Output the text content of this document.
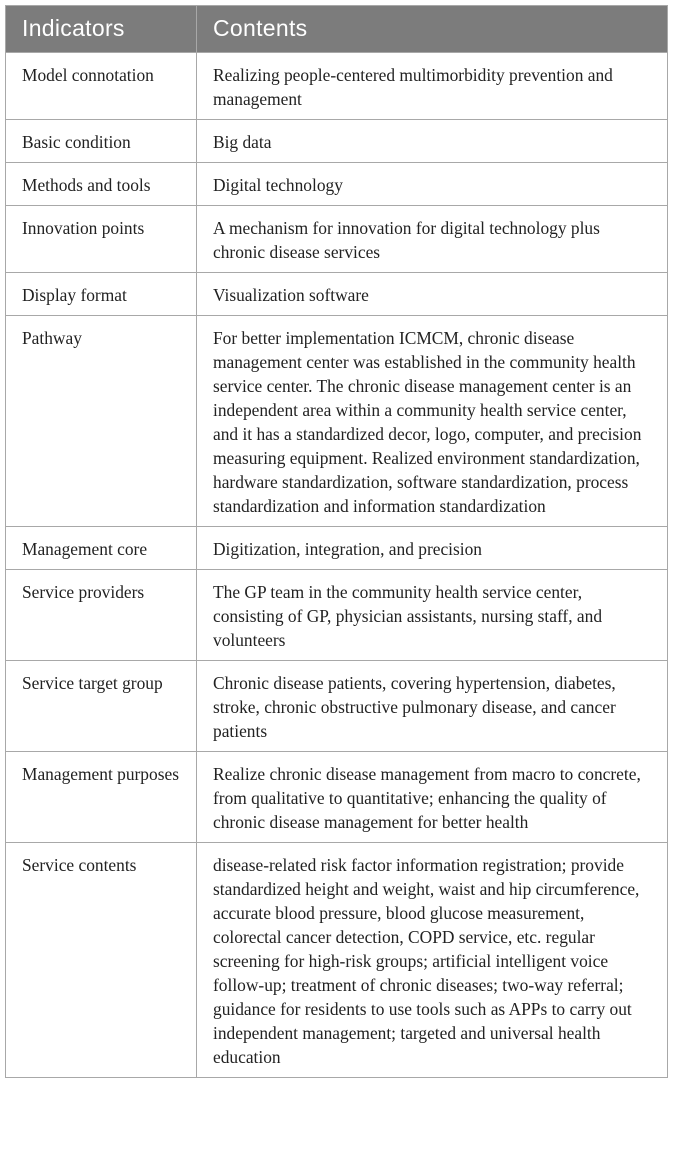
Indicators	Contents
Model connotation	Realizing people-centered multimorbidity prevention and management
Basic condition	Big data
Methods and tools	Digital technology
Innovation points	A mechanism for innovation for digital technology plus chronic disease services
Display format	Visualization software
Pathway	For better implementation ICMCM, chronic disease management center was established in the community health service center. The chronic disease management center is an independent area within a community health service center, and it has a standardized decor, logo, computer, and precision measuring equipment. Realized environment standardization, hardware standardization, software standardization, process standardization and information standardization
Management core	Digitization, integration, and precision
Service providers	The GP team in the community health service center, consisting of GP, physician assistants, nursing staff, and volunteers
Service target group	Chronic disease patients, covering hypertension, diabetes, stroke, chronic obstructive pulmonary disease, and cancer patients
Management purposes	Realize chronic disease management from macro to concrete, from qualitative to quantitative; enhancing the quality of chronic disease management for better health
Service contents	disease-related risk factor information registration; provide standardized height and weight, waist and hip circumference, accurate blood pressure, blood glucose measurement, colorectal cancer detection, COPD service, etc. regular screening for high-risk groups; artificial intelligent voice follow-up; treatment of chronic diseases; two-way referral; guidance for residents to use tools such as APPs to carry out independent management; targeted and universal health education
